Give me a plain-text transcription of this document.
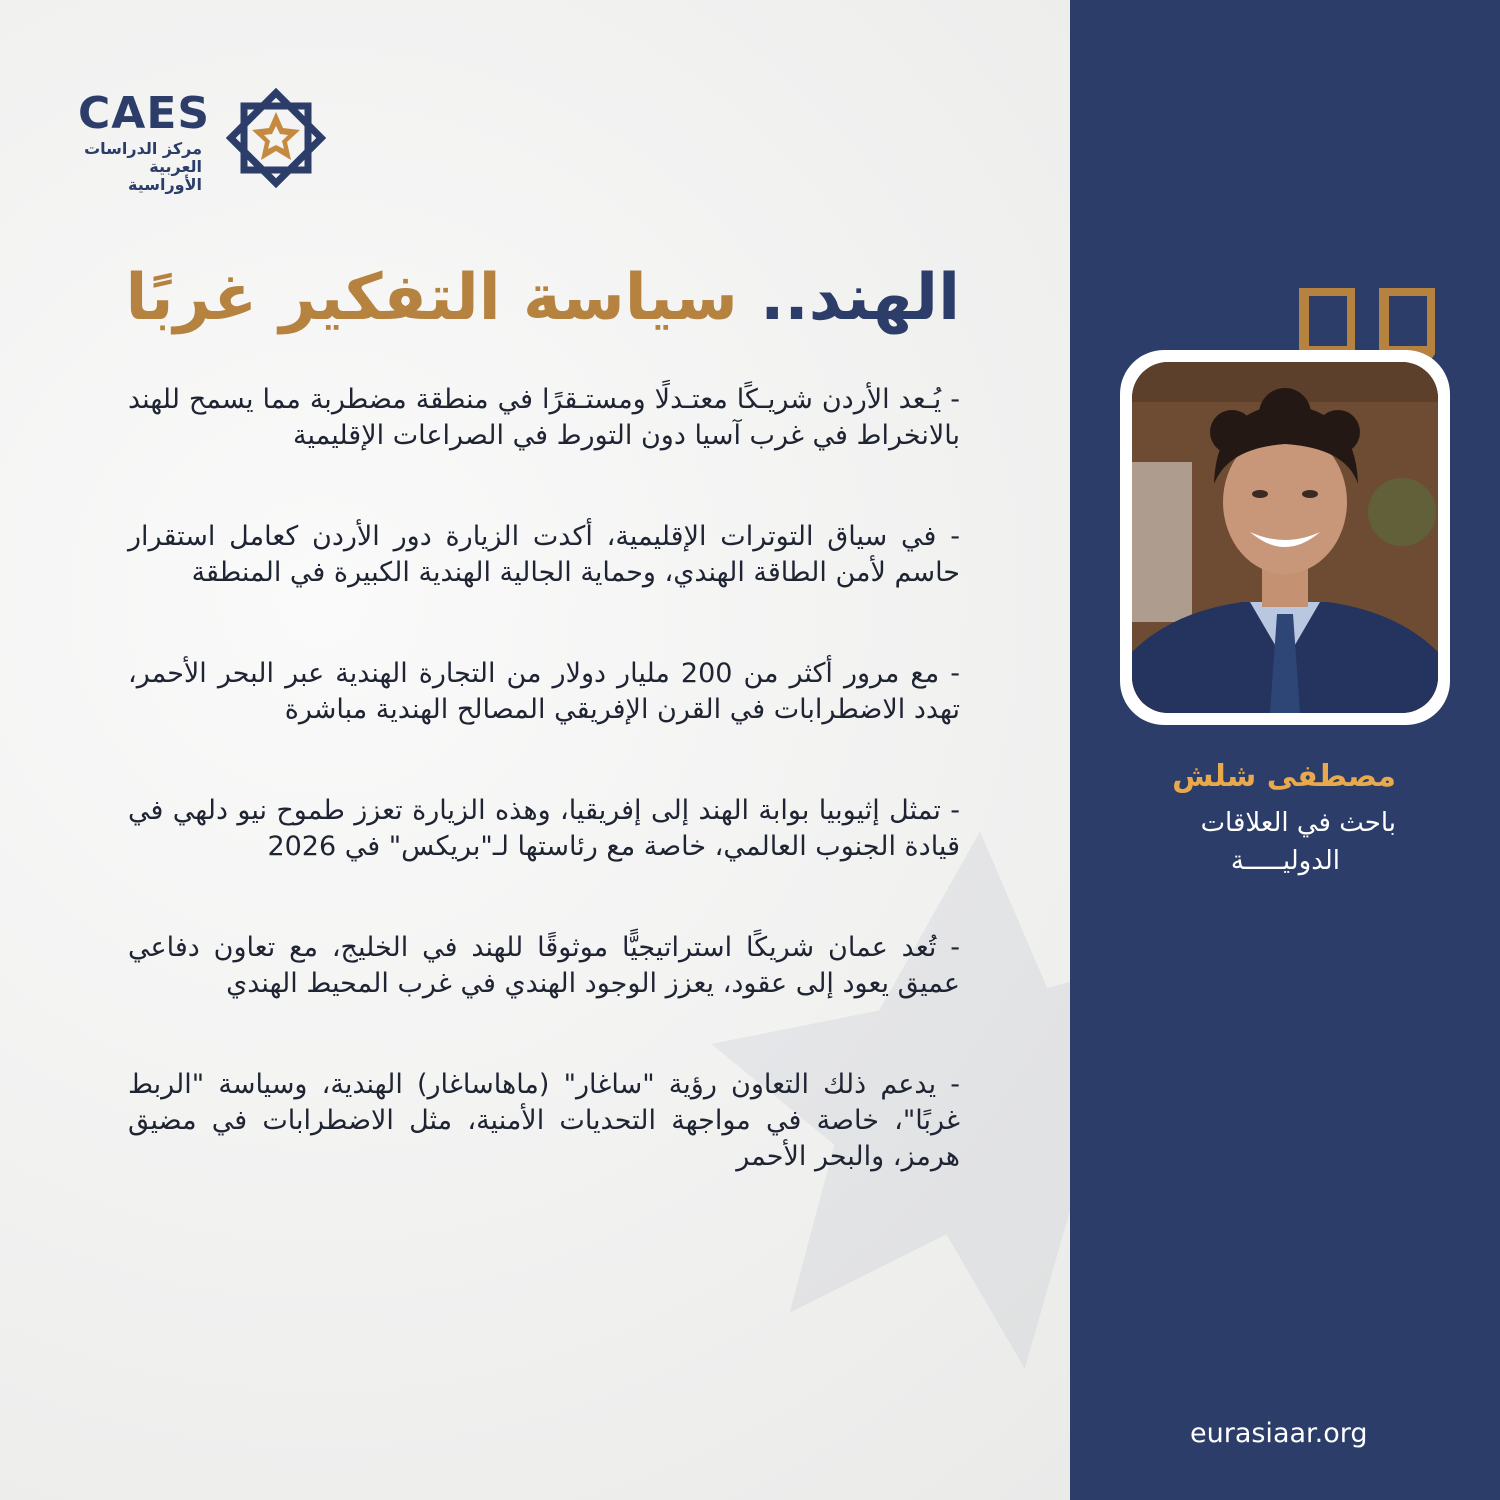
CAES
مركز الدراسات
العربية الأوراسية
الهند.. سياسة التفكير غربًا

- يُـعد الأردن شريـكًا معتـدلًا ومستـقرًا في منطقة مضطربة مما يسمح للهند بالانخراط في غرب آسيا دون التورط في الصراعات الإقليمية

- في سياق التوترات الإقليمية، أكدت الزيارة دور الأردن كعامل استقرار حاسم لأمن الطاقة الهندي، وحماية الجالية الهندية الكبيرة في المنطقة

- مع مرور أكثر من 200 مليار دولار من التجارة الهندية عبر البحر الأحمر، تهدد الاضطرابات في القرن الإفريقي المصالح الهندية مباشرة

- تمثل إثيوبيا بوابة الهند إلى إفريقيا، وهذه الزيارة تعزز طموح نيو دلهي في قيادة الجنوب العالمي، خاصة مع رئاستها لـ"بريكس" في 2026

- تُعد عمان شريكًا استراتيجيًّا موثوقًا للهند في الخليج، مع تعاون دفاعي عميق يعود إلى عقود، يعزز الوجود الهندي في غرب المحيط الهندي

- يدعم ذلك التعاون رؤية "ساغار" (ماهاساغار) الهندية، وسياسة "الربط غربًا"، خاصة في مواجهة التحديات الأمنية، مثل الاضطرابات في مضيق هرمز، والبحر الأحمر

مصطفى شلش
باحث في العلاقات
الدوليـــــة
eurasiaar.org
